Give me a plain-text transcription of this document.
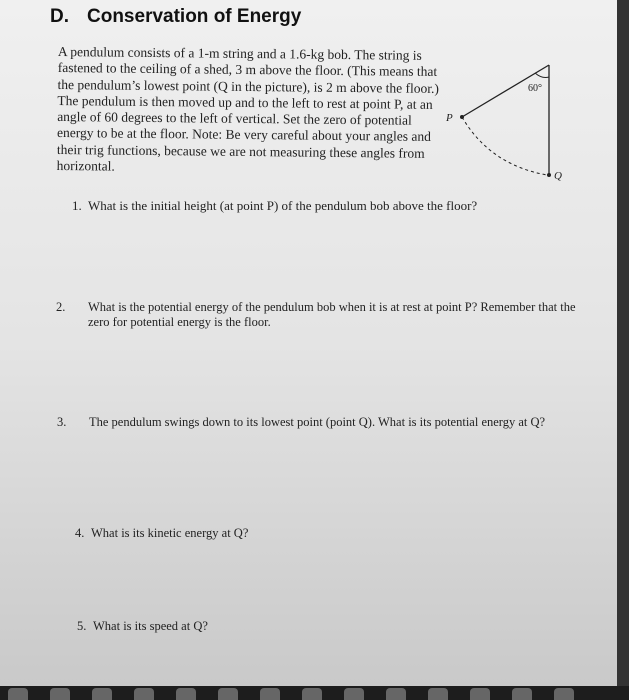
D. Conservation of Energy
A pendulum consists of a 1-m string and a 1.6-kg bob. The string is fastened to the ceiling of a shed, 3 m above the floor. (This means that the pendulum’s lowest point (Q in the picture), is 2 m above the floor.) The pendulum is then moved up and to the left to rest at point P, at an angle of 60 degrees to the left of vertical. Set the zero of potential energy to be at the floor. Note: Be very careful about your angles and their trig functions, because we are not measuring these angles from horizontal.
60°
P
Q
1. What is the initial height (at point P) of the pendulum bob above the floor?
2. What is the potential energy of the pendulum bob when it is at rest at point P? Remember that the zero for potential energy is the floor.
3. The pendulum swings down to its lowest point (point Q). What is its potential energy at Q?
4. What is its kinetic energy at Q?
5. What is its speed at Q?
